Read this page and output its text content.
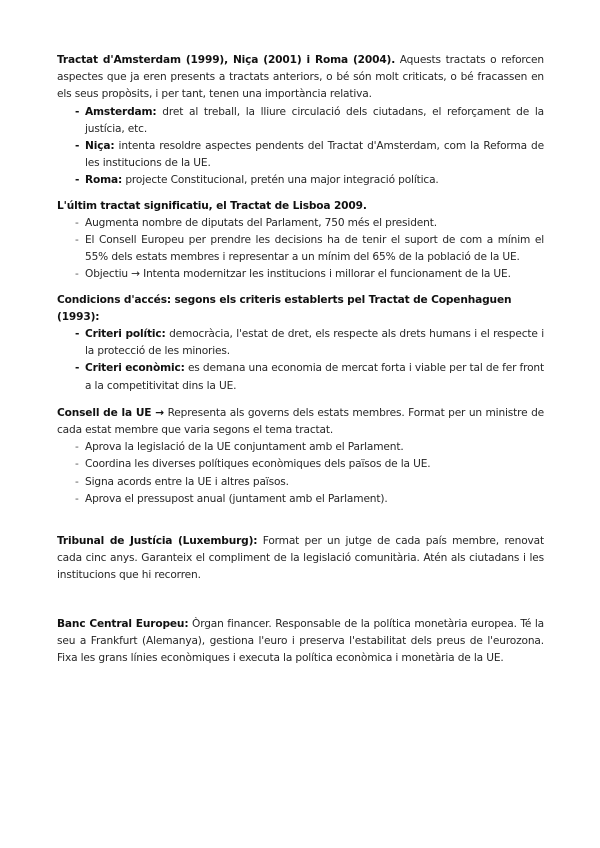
Tractat d'Amsterdam (1999), Niça (2001) i Roma (2004). Aquests tractats o reforcen aspectes que ja eren presents a tractats anteriors, o bé són molt criticats, o bé fracassen en els seus propòsits, i per tant, tenen una importància relativa.

- Amsterdam: dret al treball, la lliure circulació dels ciutadans, el reforçament de la justícia, etc.
- Niça: intenta resoldre aspectes pendents del Tractat d'Amsterdam, com la Reforma de les institucions de la UE.
- Roma: projecte Constitucional, pretén una major integració política.

L'últim tractat significatiu, el Tractat de Lisboa 2009.

- Augmenta nombre de diputats del Parlament, 750 més el president.
- El Consell Europeu per prendre les decisions ha de tenir el suport de com a mínim el 55% dels estats membres i representar a un mínim del 65% de la població de la UE.
- Objectiu → Intenta modernitzar les institucions i millorar el funcionament de la UE.

Condicions d'accés: segons els criteris establerts pel Tractat de Copenhaguen (1993):

- Criteri polític: democràcia, l'estat de dret, els respecte als drets humans i el respecte i la protecció de les minories.
- Criteri econòmic: es demana una economia de mercat forta i viable per tal de fer front a la competitivitat dins la UE.

Consell de la UE → Representa als governs dels estats membres. Format per un ministre de cada estat membre que varia segons el tema tractat.

- Aprova la legislació de la UE conjuntament amb el Parlament.
- Coordina les diverses polítiques econòmiques dels països de la UE.
- Signa acords entre la UE i altres països.
- Aprova el pressupost anual (juntament amb el Parlament).

Tribunal de Justícia (Luxemburg): Format per un jutge de cada país membre, renovat cada cinc anys. Garanteix el compliment de la legislació comunitària. Atén als ciutadans i les institucions que hi recorren.

Banc Central Europeu: Òrgan financer. Responsable de la política monetària europea. Té la seu a Frankfurt (Alemanya), gestiona l'euro i preserva l'estabilitat dels preus de l'eurozona. Fixa les grans línies econòmiques i executa la política econòmica i monetària de la UE.
